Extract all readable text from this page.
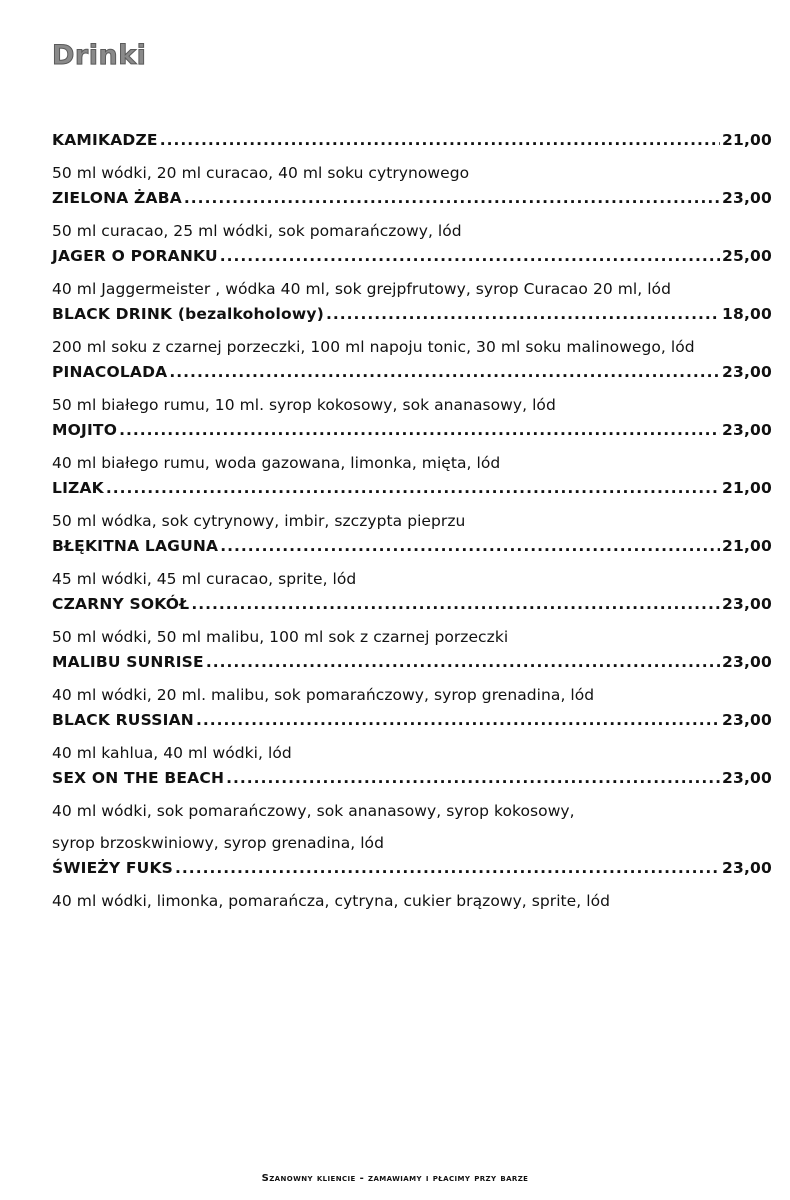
Drinki
KAMIKADZE .....	21,00
50 ml wódki, 20 ml curacao, 40 ml soku cytrynowego
ZIELONA ŻABA .....	23,00
50 ml curacao, 25 ml wódki, sok pomarańczowy, lód
JAGER O PORANKU .....	25,00
40 ml Jaggermeister , wódka 40 ml, sok grejpfrutowy, syrop Curacao 20 ml, lód
BLACK DRINK (bezalkoholowy) .....	18,00
200 ml soku z czarnej porzeczki, 100 ml napoju tonic, 30 ml soku malinowego, lód
PINACOLADA .....	23,00
50 ml białego rumu, 10 ml. syrop kokosowy, sok ananasowy, lód
MOJITO .....	23,00
40 ml białego rumu, woda gazowana, limonka, mięta, lód
LIZAK .....	21,00
50 ml wódka, sok cytrynowy, imbir, szczypta pieprzu
BŁĘKITNA LAGUNA .....	21,00
45 ml wódki, 45 ml curacao, sprite, lód
CZARNY SOKÓŁ .....	23,00
50 ml wódki, 50 ml malibu, 100 ml sok z czarnej porzeczki
MALIBU SUNRISE .....	23,00
40 ml wódki, 20 ml. malibu, sok pomarańczowy, syrop grenadina, lód
BLACK RUSSIAN .....	23,00
40 ml kahlua, 40 ml wódki, lód
SEX ON THE BEACH .....	23,00
40 ml wódki, sok pomarańczowy, sok ananasowy, syrop kokosowy,
syrop brzoskwiniowy, syrop grenadina, lód
ŚWIEŻY FUKS .....	23,00
40 ml wódki, limonka, pomarańcza, cytryna, cukier brązowy, sprite, lód
Szanowny kliencie - zamawiamy i płacimy przy barze
